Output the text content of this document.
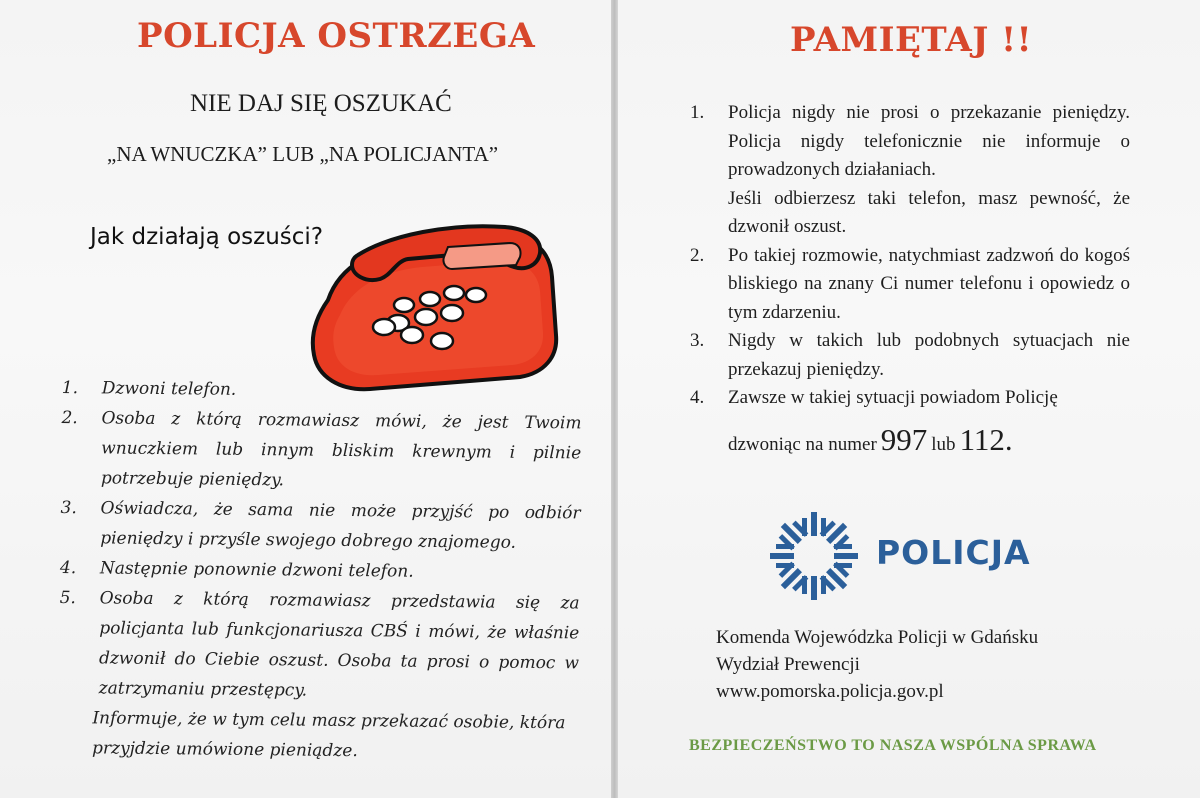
POLICJA OSTRZEGA

NIE DAJ SIĘ OSZUKAĆ

„NA WNUCZKA” LUB „NA POLICJANTA”

Jak działają oszuści?
1.	Dzwoni telefon.
2.	Osoba z którą rozmawiasz mówi, że jest Twoim wnuczkiem lub innym bliskim krewnym i pilnie potrzebuje pieniędzy.
3.	Oświadcza, że sama nie może przyjść po odbiór pieniędzy i przyśle swojego dobrego znajomego.
4.	Następnie ponownie dzwoni telefon.
5.	Osoba z którą rozmawiasz przedstawia się za policjanta lub funkcjonariusza CBŚ i mówi, że właśnie dzwonił do Ciebie oszust. Osoba ta prosi o pomoc w zatrzymaniu przestępcy.
Informuje, że w tym celu masz przekazać osobie, która przyjdzie umówione pieniądze.
PAMIĘTAJ !!
1.	Policja nigdy nie prosi o przekazanie pieniędzy. Policja nigdy telefonicznie nie informuje o prowadzonych działaniach.
Jeśli odbierzesz taki telefon, masz pewność, że dzwonił oszust.
2.	Po takiej rozmowie, natychmiast zadzwoń do kogoś bliskiego na znany Ci numer telefonu i opowiedz o tym zdarzeniu.
3.	Nigdy w takich lub podobnych sytuacjach nie przekazuj pieniędzy.
4.	Zawsze w takiej sytuacji powiadom Policję

dzwoniąc na numer 997 lub 112.

POLICJA

Komenda Wojewódzka Policji w Gdańsku
Wydział Prewencji
www.pomorska.policja.gov.pl

BEZPIECZEŃSTWO TO NASZA WSPÓLNA SPRAWA
